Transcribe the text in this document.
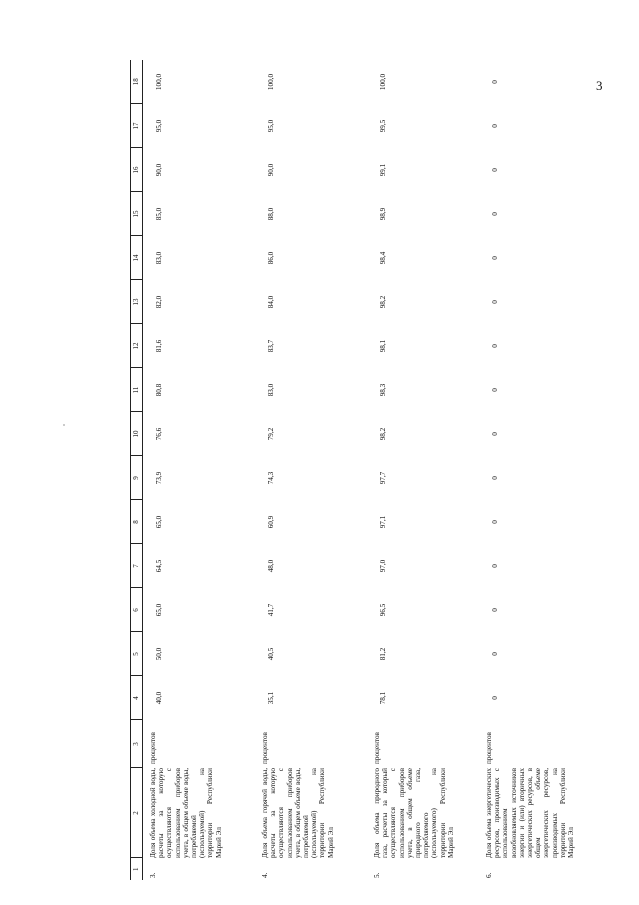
3
1	2	3	4	5	6	7	8	9	10	11	12	13	14	15	16	17	18
3.	Доля объема холодной воды, расчеты за которую осуществляются с использованием приборов учета, в общем объеме воды, потребляемой (используемой) на территории Республики Марий Эл	процентов	40,0	50,0	65,0	64,5	65,0	73,9	76,6	80,8	81,6	82,0	83,0	85,0	90,0	95,0	100,0
4.	Доля объема горячей воды, расчеты за которую осуществляются с использованием приборов учета, в общем объеме воды, потребляемой (используемой) на территории Республики Марий Эл	процентов	35,1	40,5	41,7	48,0	60,9	74,3	79,2	83,0	83,7	84,0	86,0	88,0	90,0	95,0	100,0
5.	Доля объема природного газа, расчеты за который осуществляются с использованием приборов учета, в общем объеме природного газа, потребляемого (используемого) на территории Республики Марий Эл	процентов	78,1	81,2	96,5	97,0	97,1	97,7	98,2	98,3	98,1	98,2	98,4	98,9	99,1	99,5	100,0
6.	Доля объема энергетических ресурсов, производимых с использованием возобновляемых источников энергии и (или) вторичных энергетических ресурсов, в общем объеме энергетических ресурсов, производимых на территории Республики Марий Эл	процентов	0	0	0	0	0	0	0	0	0	0	0	0	0	0	0
